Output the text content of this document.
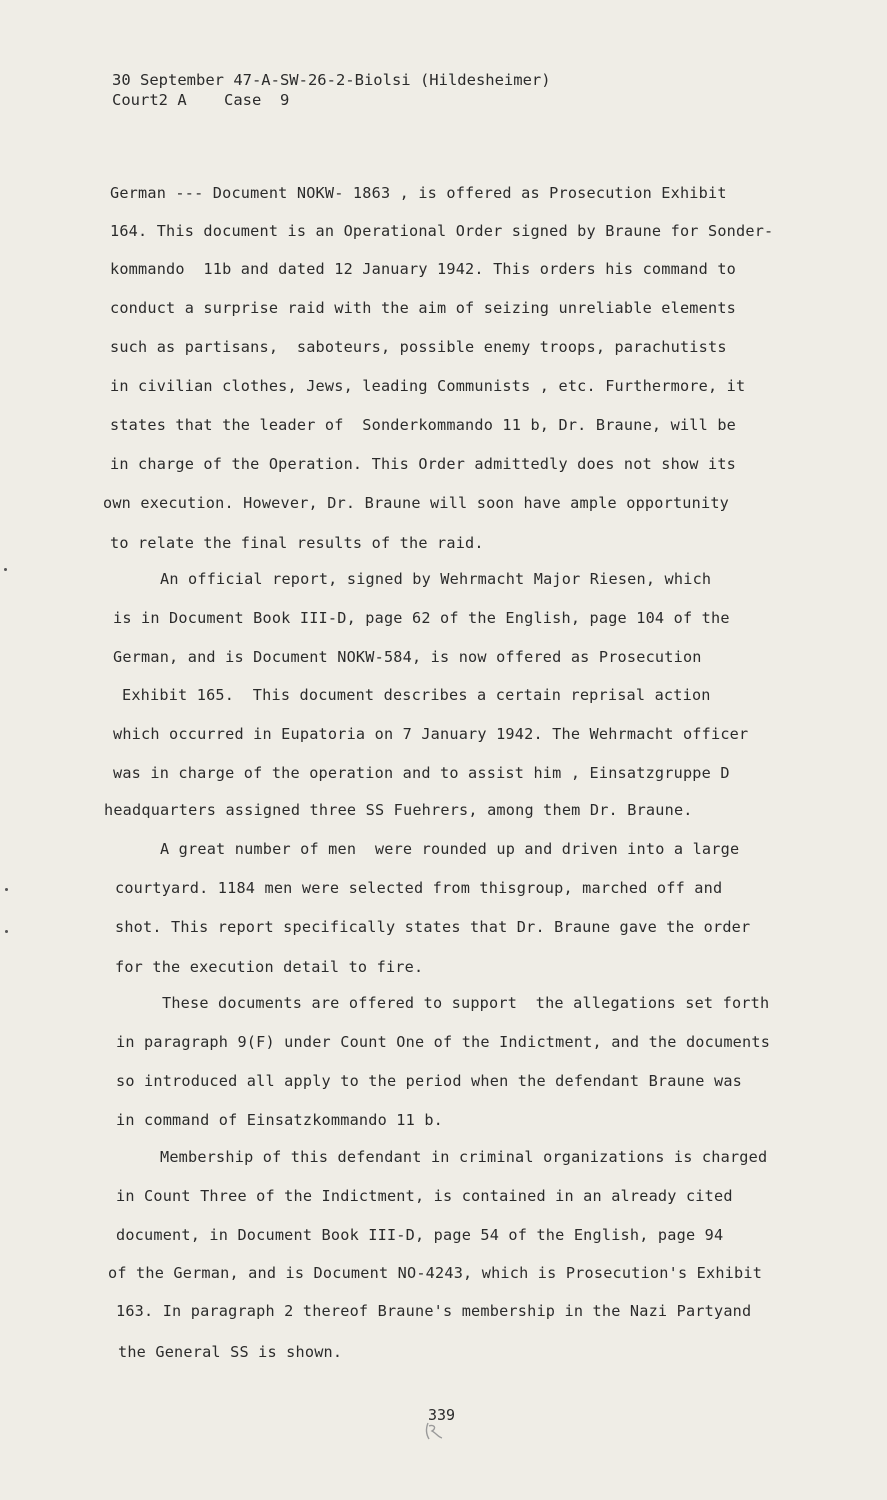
30 September 47-A-SW-26-2-Biolsi (Hildesheimer)
Court2 A    Case  9
German --- Document NOKW- 1863 , is offered as Prosecution Exhibit
164. This document is an Operational Order signed by Braune for Sonder-
kommando  11b and dated 12 January 1942. This orders his command to
conduct a surprise raid with the aim of seizing unreliable elements
such as partisans,  saboteurs, possible enemy troops, parachutists
in civilian clothes, Jews, leading Communists , etc. Furthermore, it
states that the leader of  Sonderkommando 11 b, Dr. Braune, will be
in charge of the Operation. This Order admittedly does not show its
own execution. However, Dr. Braune will soon have ample opportunity
to relate the final results of the raid.
An official report, signed by Wehrmacht Major Riesen, which
is in Document Book III-D, page 62 of the English, page 104 of the
German, and is Document NOKW-584, is now offered as Prosecution
Exhibit 165.  This document describes a certain reprisal action
which occurred in Eupatoria on 7 January 1942. The Wehrmacht officer
was in charge of the operation and to assist him , Einsatzgruppe D
headquarters assigned three SS Fuehrers, among them Dr. Braune.
A great number of men  were rounded up and driven into a large
courtyard. 1184 men were selected from thisgroup, marched off and
shot. This report specifically states that Dr. Braune gave the order
for the execution detail to fire.
These documents are offered to support  the allegations set forth
in paragraph 9(F) under Count One of the Indictment, and the documents
so introduced all apply to the period when the defendant Braune was
in command of Einsatzkommando 11 b.
Membership of this defendant in criminal organizations is charged
in Count Three of the Indictment, is contained in an already cited
document, in Document Book III-D, page 54 of the English, page 94
of the German, and is Document NO-4243, which is Prosecution's Exhibit
163. In paragraph 2 thereof Braune's membership in the Nazi Partyand
the General SS is shown.
339
